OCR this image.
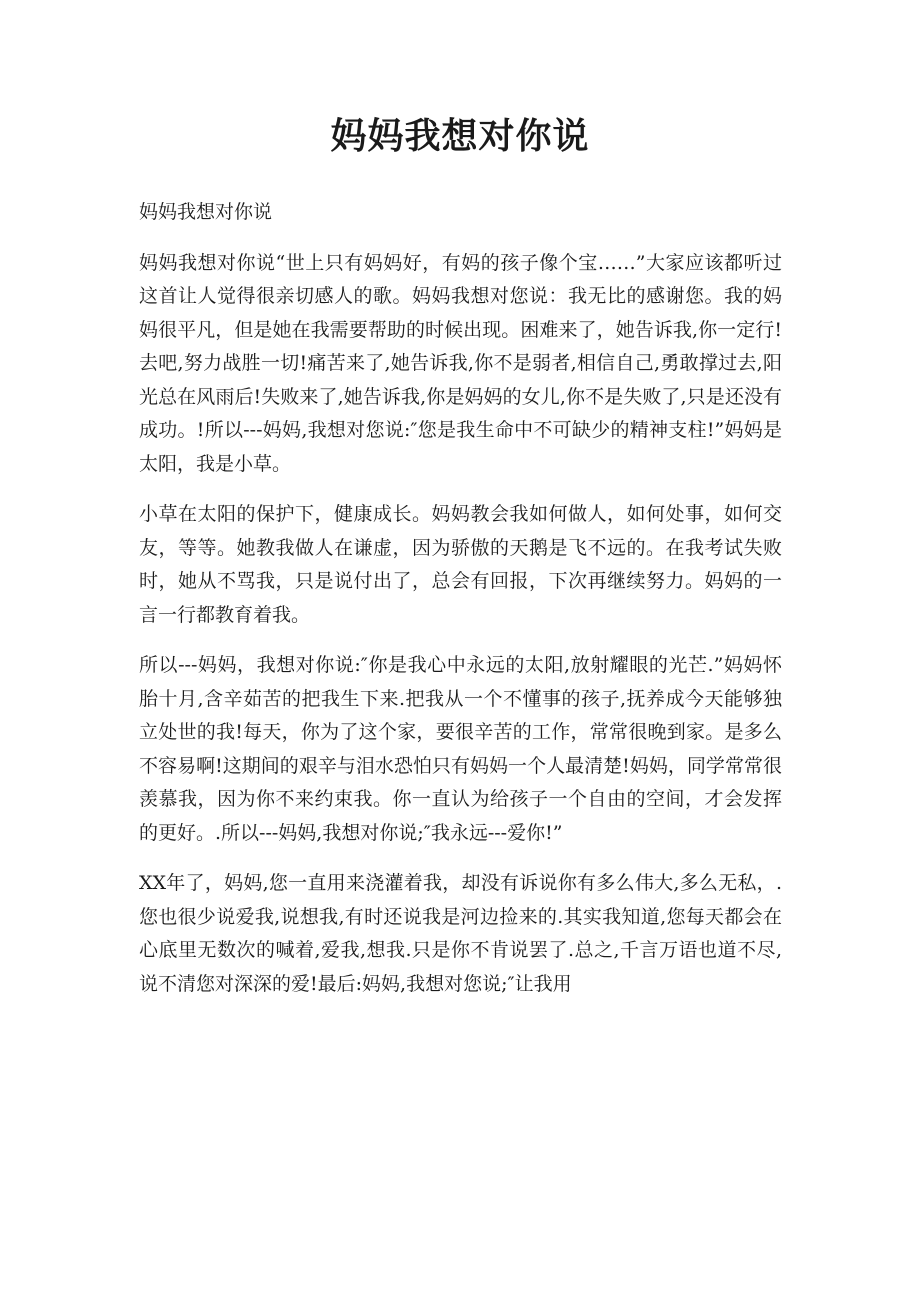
妈妈我想对你说

妈妈我想对你说

妈妈我想对你说“世上只有妈妈好，有妈的孩子像个宝……”大家应该都听过这首让人觉得很亲切感人的歌。妈妈我想对您说：我无比的感谢您。我的妈妈很平凡，但是她在我需要帮助的时候出现。困难来了，她告诉我,你一定行!去吧,努力战胜一切!痛苦来了,她告诉我,你不是弱者,相信自己,勇敢撑过去,阳光总在风雨后!失败来了,她告诉我,你是妈妈的女儿,你不是失败了,只是还没有成功。!所以---妈妈,我想对您说:″您是我生命中不可缺少的精神支柱!”妈妈是太阳，我是小草。

小草在太阳的保护下，健康成长。妈妈教会我如何做人，如何处事，如何交友，等等。她教我做人在谦虚，因为骄傲的天鹅是飞不远的。在我考试失败时，她从不骂我，只是说付出了，总会有回报，下次再继续努力。妈妈的一言一行都教育着我。

所以---妈妈，我想对你说:″你是我心中永远的太阳,放射耀眼的光芒.”妈妈怀胎十月,含辛茹苦的把我生下来.把我从一个不懂事的孩子,抚养成今天能够独立处世的我!每天，你为了这个家，要很辛苦的工作，常常很晚到家。是多么不容易啊!这期间的艰辛与泪水恐怕只有妈妈一个人最清楚!妈妈，同学常常很羡慕我，因为你不来约束我。你一直认为给孩子一个自由的空间，才会发挥的更好。.所以---妈妈,我想对你说;″我永远---爱你!”

XX年了，妈妈,您一直用来浇灌着我，却没有诉说你有多么伟大,多么无私，.您也很少说爱我,说想我,有时还说我是河边捡来的.其实我知道,您每天都会在心底里无数次的喊着,爱我,想我.只是你不肯说罢了.总之,千言万语也道不尽,说不清您对深深的爱!最后:妈妈,我想对您说;″让我用
